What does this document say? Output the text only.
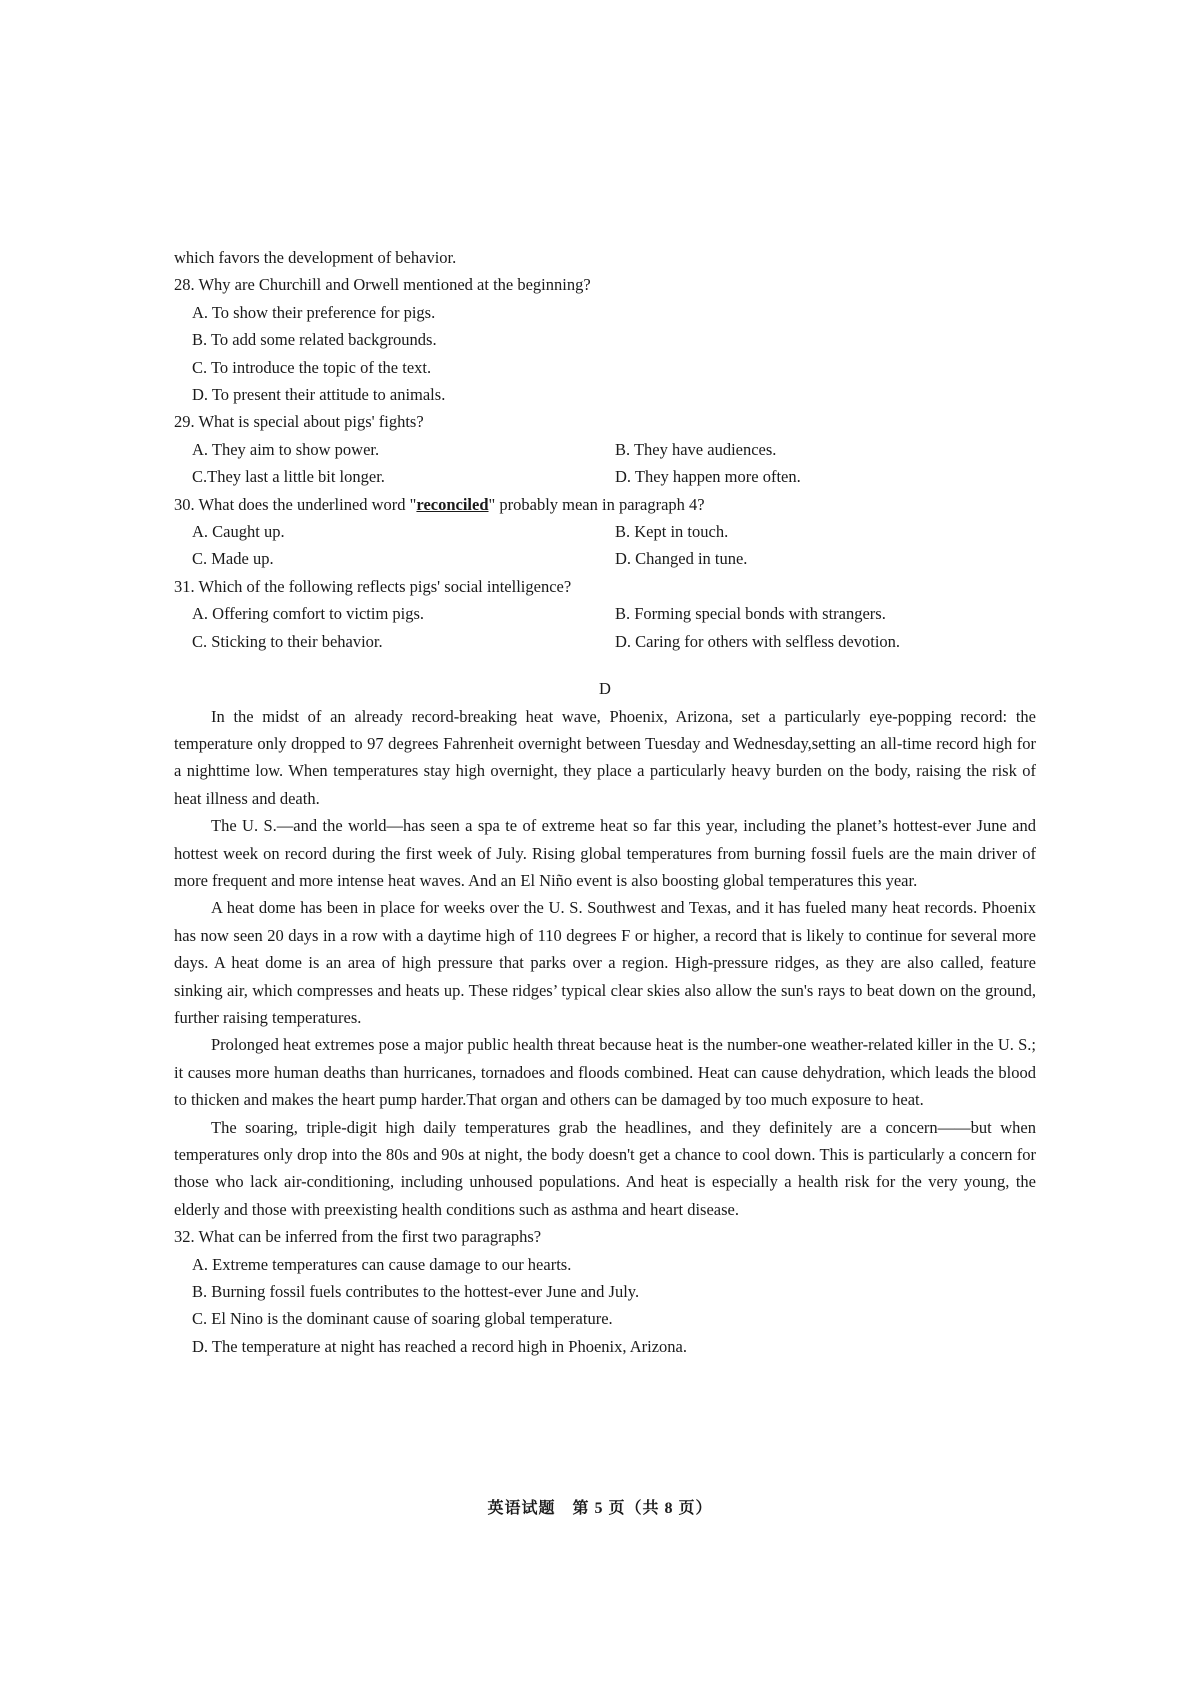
which favors the development of behavior.
28. Why are Churchill and Orwell mentioned at the beginning?
A. To show their preference for pigs.
B. To add some related backgrounds.
C. To introduce the topic of the text.
D. To present their attitude to animals.
29. What is special about pigs' fights?
A. They aim to show power.	B. They have audiences.
C.They last a little bit longer.	D. They happen more often.
30. What does the underlined word "reconciled" probably mean in paragraph 4?
A. Caught up.	B. Kept in touch.
C. Made up.	D. Changed in tune.
31. Which of the following reflects pigs' social intelligence?
A. Offering comfort to victim pigs.	B. Forming special bonds with strangers.
C. Sticking to their behavior.	D. Caring for others with selfless devotion.
D
In the midst of an already record-breaking heat wave, Phoenix, Arizona, set a particularly eye-popping record: the temperature only dropped to 97 degrees Fahrenheit overnight between Tuesday and Wednesday,setting an all-time record high for a nighttime low. When temperatures stay high overnight, they place a particularly heavy burden on the body, raising the risk of heat illness and death.
The U. S.—and the world—has seen a spa te of extreme heat so far this year, including the planet’s hottest-ever June and hottest week on record during the first week of July. Rising global temperatures from burning fossil fuels are the main driver of more frequent and more intense heat waves. And an El Niño event is also boosting global temperatures this year.
A heat dome has been in place for weeks over the U. S. Southwest and Texas, and it has fueled many heat records. Phoenix has now seen 20 days in a row with a daytime high of 110 degrees F or higher, a record that is likely to continue for several more days. A heat dome is an area of high pressure that parks over a region. High-pressure ridges, as they are also called, feature sinking air, which compresses and heats up. These ridges’ typical clear skies also allow the sun's rays to beat down on the ground, further raising temperatures.
Prolonged heat extremes pose a major public health threat because heat is the number-one weather-related killer in the U. S.; it causes more human deaths than hurricanes, tornadoes and floods combined. Heat can cause dehydration, which leads the blood to thicken and makes the heart pump harder.That organ and others can be damaged by too much exposure to heat.
The soaring, triple-digit high daily temperatures grab the headlines, and they definitely are a concern——but when temperatures only drop into the 80s and 90s at night, the body doesn't get a chance to cool down. This is particularly a concern for those who lack air-conditioning, including unhoused populations. And heat is especially a health risk for the very young, the elderly and those with preexisting health conditions such as asthma and heart disease.
32. What can be inferred from the first two paragraphs?
A. Extreme temperatures can cause damage to our hearts.
B. Burning fossil fuels contributes to the hottest-ever June and July.
C. El Nino is the dominant cause of soaring global temperature.
D. The temperature at night has reached a record high in Phoenix, Arizona.
英语试题　第 5 页（共 8 页）
